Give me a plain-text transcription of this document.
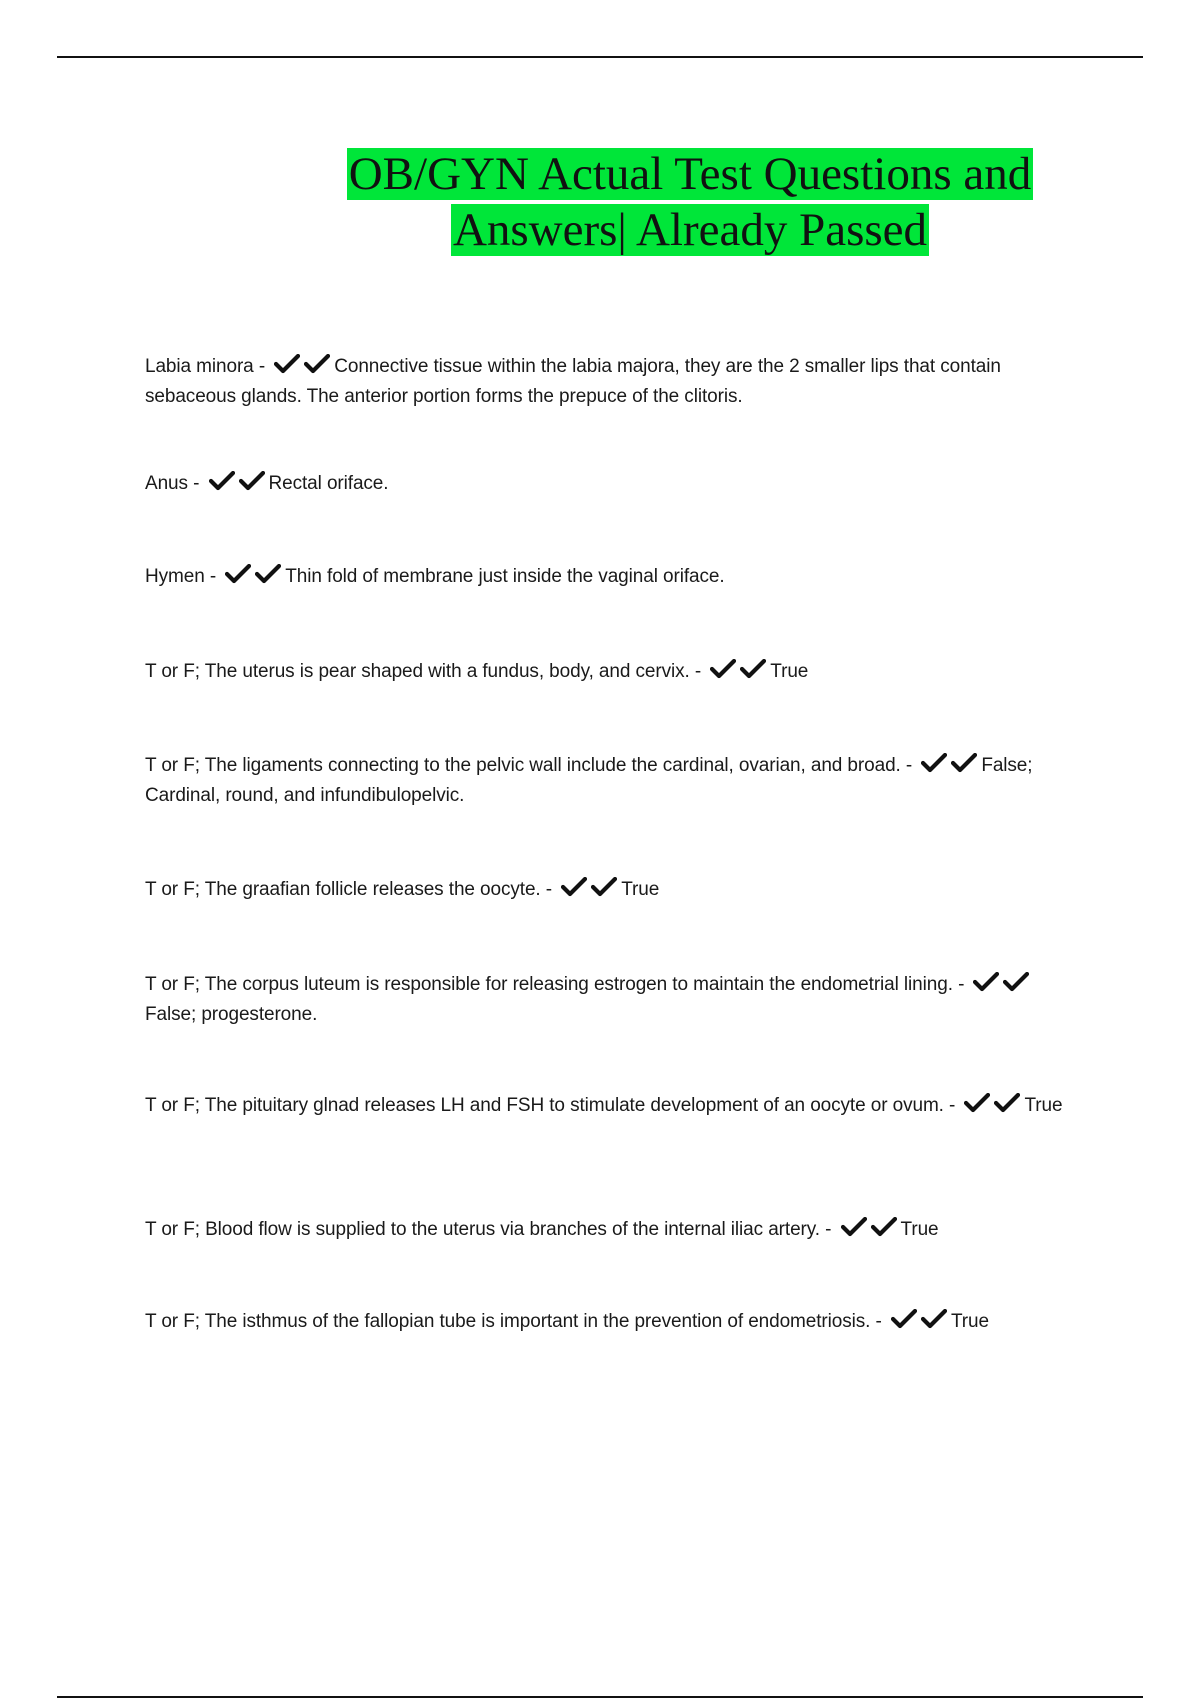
OB/GYN Actual Test Questions and
Answers| Already Passed
Labia minora -	Connective tissue within the labia majora, they are the 2 smaller lips that contain sebaceous glands. The anterior portion forms the prepuce of the clitoris.
Anus -	Rectal oriface.
Hymen -	Thin fold of membrane just inside the vaginal oriface.
T or F; The uterus is pear shaped with a fundus, body, and cervix. -	True
T or F; The ligaments connecting to the pelvic wall include the cardinal, ovarian, and broad. -	False; Cardinal, round, and infundibulopelvic.
T or F; The graafian follicle releases the oocyte. -	True
T or F; The corpus luteum is responsible for releasing estrogen to maintain the endometrial lining. - False; progesterone.
T or F; The pituitary glnad releases LH and FSH to stimulate development of an oocyte or ovum. -	True
T or F; Blood flow is supplied to the uterus via branches of the internal iliac artery. -	True
T or F; The isthmus of the fallopian tube is important in the prevention of endometriosis. -	True
